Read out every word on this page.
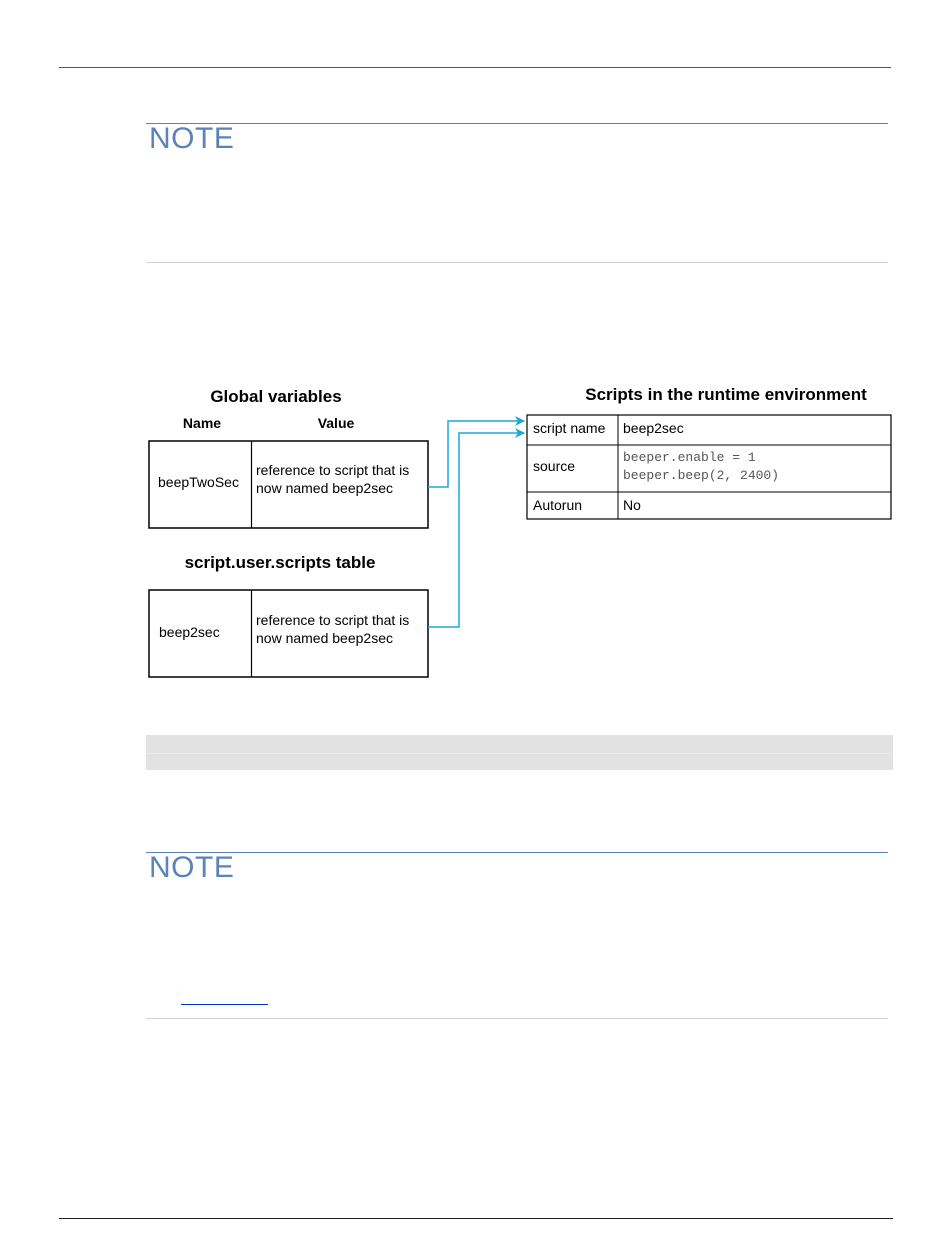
NOTE
Global variables
Name	Value
beepTwoSec
reference to script that is
now named beep2sec
script.user.scripts table
beep2sec
reference to script that is
now named beep2sec
Scripts in the runtime environment
script name beep2sec
source
beeper.enable = 1
beeper.beep(2, 2400)
Autorun	No
NOTE
